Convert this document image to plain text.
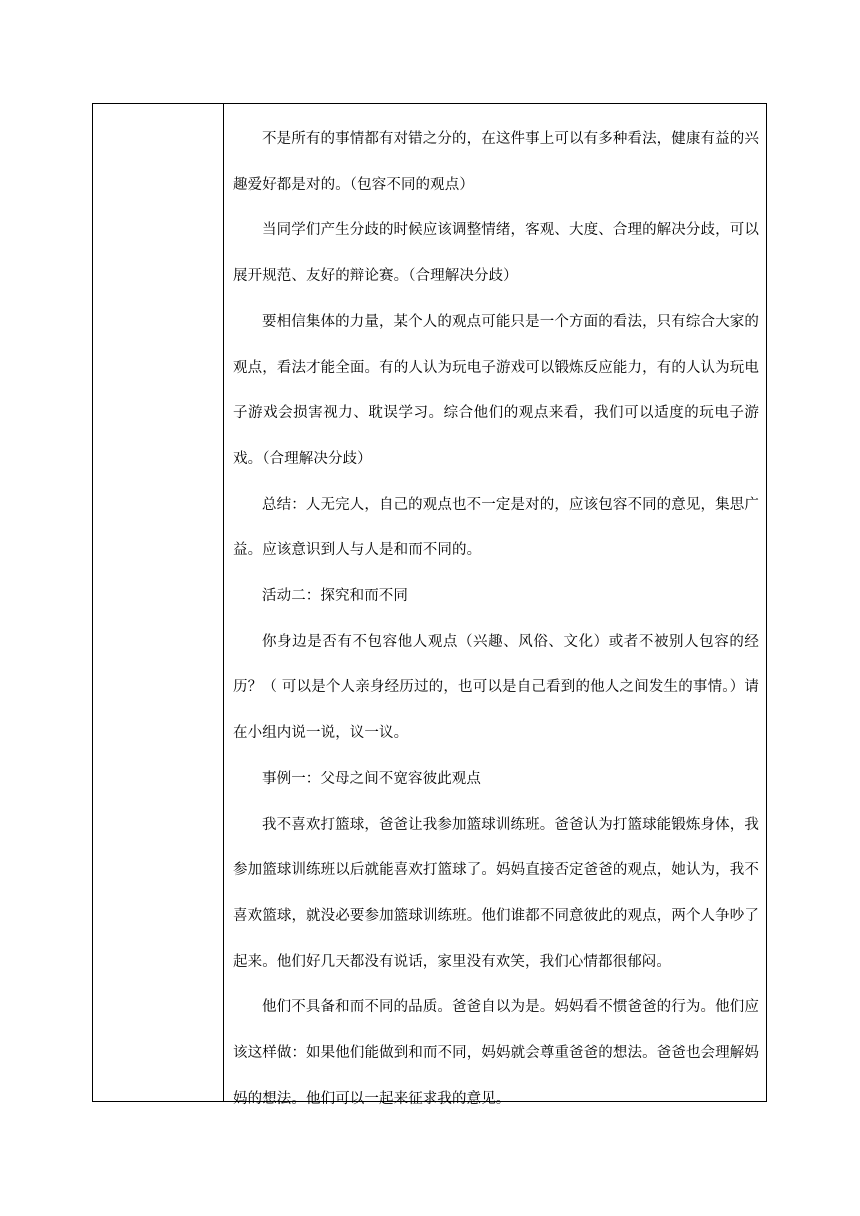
不是所有的事情都有对错之分的，在这件事上可以有多种看法，健康有益的兴趣爱好都是对的。（包容不同的观点）

当同学们产生分歧的时候应该调整情绪，客观、大度、合理的解决分歧，可以展开规范、友好的辩论赛。（合理解决分歧）

要相信集体的力量，某个人的观点可能只是一个方面的看法，只有综合大家的观点，看法才能全面。有的人认为玩电子游戏可以锻炼反应能力，有的人认为玩电子游戏会损害视力、耽误学习。综合他们的观点来看，我们可以适度的玩电子游戏。（合理解决分歧）

总结：人无完人，自己的观点也不一定是对的，应该包容不同的意见，集思广益。应该意识到人与人是和而不同的。

活动二：探究和而不同

你身边是否有不包容他人观点（兴趣、风俗、文化）或者不被别人包容的经历？（ 可以是个人亲身经历过的，也可以是自己看到的他人之间发生的事情。）请在小组内说一说，议一议。

事例一：父母之间不宽容彼此观点

我不喜欢打篮球，爸爸让我参加篮球训练班。爸爸认为打篮球能锻炼身体，我参加篮球训练班以后就能喜欢打篮球了。妈妈直接否定爸爸的观点，她认为，我不喜欢篮球，就没必要参加篮球训练班。他们谁都不同意彼此的观点，两个人争吵了起来。他们好几天都没有说话，家里没有欢笑，我们心情都很郁闷。

他们不具备和而不同的品质。爸爸自以为是。妈妈看不惯爸爸的行为。他们应该这样做：如果他们能做到和而不同，妈妈就会尊重爸爸的想法。爸爸也会理解妈妈的想法。他们可以一起来征求我的意见。
